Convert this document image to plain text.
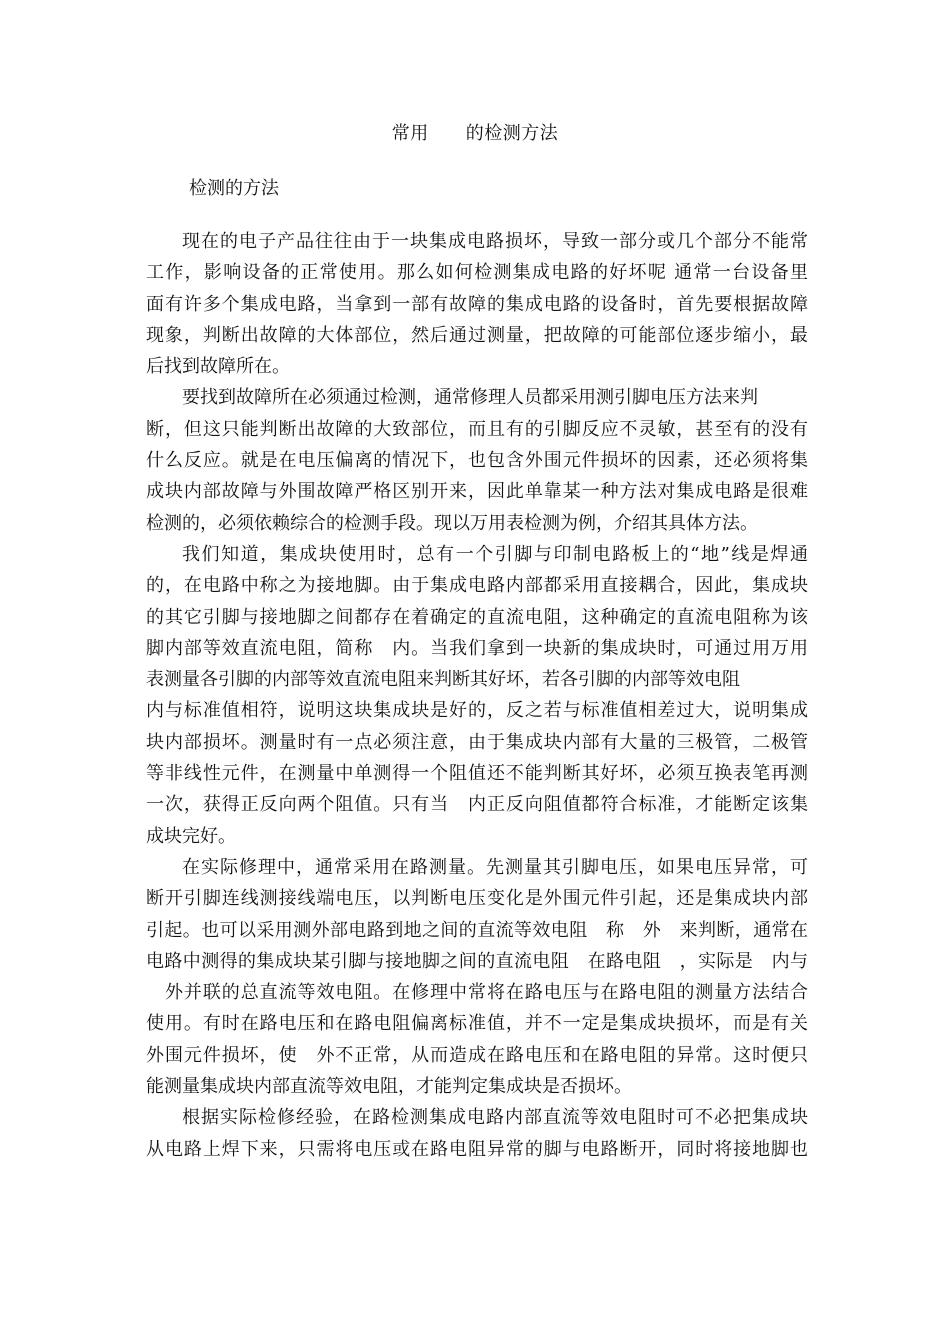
常用　　的检测方法
检测的方法
现在的电子产品往往由于一块集成电路损坏，导致一部分或几个部分不能常
工作，影响设备的正常使用。那么如何检测集成电路的好坏呢 通常一台设备里
面有许多个集成电路，当拿到一部有故障的集成电路的设备时，首先要根据故障
现象，判断出故障的大体部位，然后通过测量，把故障的可能部位逐步缩小，最
后找到故障所在。
要找到故障所在必须通过检测，通常修理人员都采用测引脚电压方法来判
断，但这只能判断出故障的大致部位，而且有的引脚反应不灵敏，甚至有的没有
什么反应。就是在电压偏离的情况下，也包含外围元件损坏的因素，还必须将集
成块内部故障与外围故障严格区别开来，因此单靠某一种方法对集成电路是很难
检测的，必须依赖综合的检测手段。现以万用表检测为例，介绍其具体方法。
我们知道，集成块使用时，总有一个引脚与印制电路板上的“地”线是焊通
的，在电路中称之为接地脚。由于集成电路内部都采用直接耦合，因此，集成块
的其它引脚与接地脚之间都存在着确定的直流电阻，这种确定的直流电阻称为该
脚内部等效直流电阻，简称　内。当我们拿到一块新的集成块时，可通过用万用
表测量各引脚的内部等效直流电阻来判断其好坏，若各引脚的内部等效电阻
内与标准值相符，说明这块集成块是好的，反之若与标准值相差过大，说明集成
块内部损坏。测量时有一点必须注意，由于集成块内部有大量的三极管，二极管
等非线性元件，在测量中单测得一个阻值还不能判断其好坏，必须互换表笔再测
一次，获得正反向两个阻值。只有当　内正反向阻值都符合标准，才能断定该集
成块完好。
在实际修理中，通常采用在路测量。先测量其引脚电压，如果电压异常，可
断开引脚连线测接线端电压，以判断电压变化是外围元件引起，还是集成块内部
引起。也可以采用测外部电路到地之间的直流等效电阻　称　外　来判断，通常在
电路中测得的集成块某引脚与接地脚之间的直流电阻　在路电阻　，实际是　内与
　外并联的总直流等效电阻。在修理中常将在路电压与在路电阻的测量方法结合
使用。有时在路电压和在路电阻偏离标准值，并不一定是集成块损坏，而是有关
外围元件损坏，使　外不正常，从而造成在路电压和在路电阻的异常。这时便只
能测量集成块内部直流等效电阻，才能判定集成块是否损坏。
根据实际检修经验，在路检测集成电路内部直流等效电阻时可不必把集成块
从电路上焊下来，只需将电压或在路电阻异常的脚与电路断开，同时将接地脚也
